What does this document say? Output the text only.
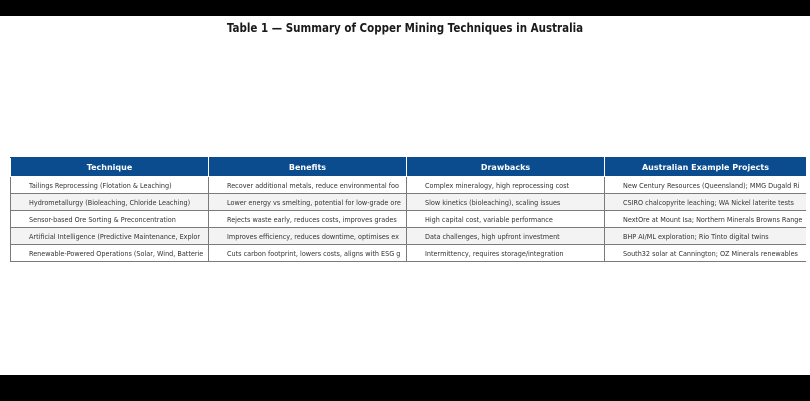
Table 1 — Summary of Copper Mining Techniques in Australia
Technique	Benefits	Drawbacks	Australian Example Projects
Tailings Reprocessing (Flotation & Leaching)	Recover additional metals, reduce environmental foo	Complex mineralogy, high reprocessing cost	New Century Resources (Queensland); MMG Dugald Ri
Hydrometallurgy (Bioleaching, Chloride Leaching)	Lower energy vs smelting, potential for low-grade ore	Slow kinetics (bioleaching), scaling issues	CSIRO chalcopyrite leaching; WA Nickel laterite tests
Sensor-based Ore Sorting & Preconcentration	Rejects waste early, reduces costs, improves grades	High capital cost, variable performance	NextOre at Mount Isa; Northern Minerals Browns Range
Artificial Intelligence (Predictive Maintenance, Explor	Improves efficiency, reduces downtime, optimises ex	Data challenges, high upfront investment	BHP AI/ML exploration; Rio Tinto digital twins
Renewable-Powered Operations (Solar, Wind, Batterie	Cuts carbon footprint, lowers costs, aligns with ESG g	Intermittency, requires storage/integration	South32 solar at Cannington; OZ Minerals renewables
